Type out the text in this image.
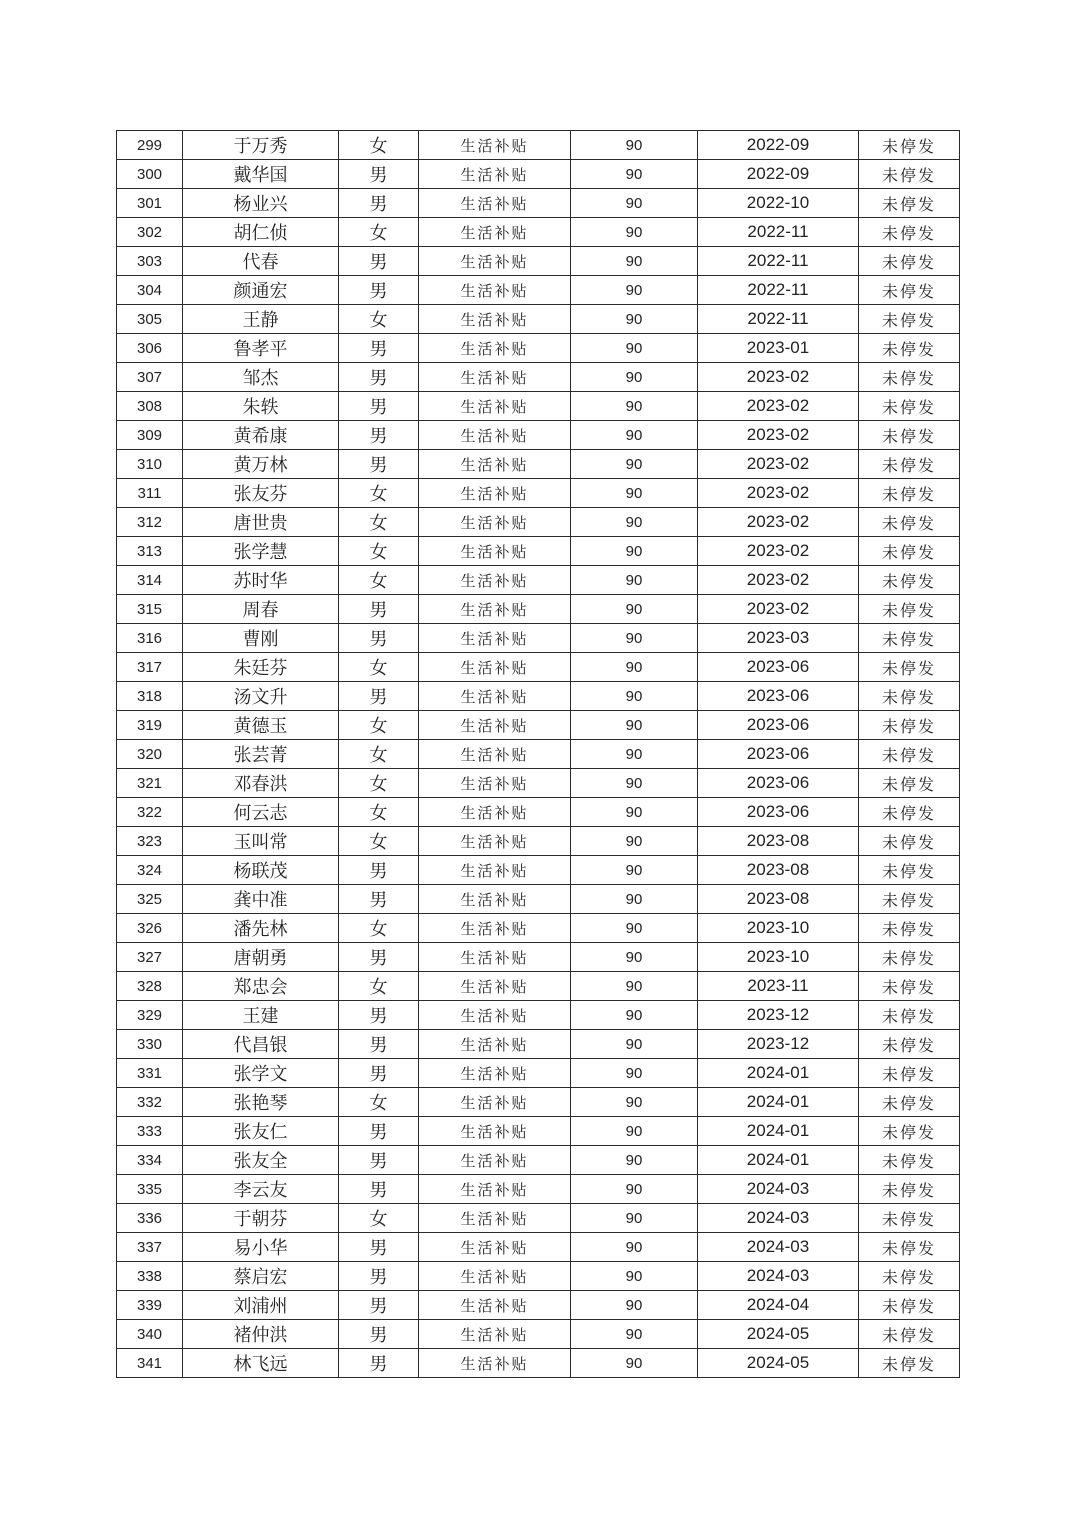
299	于万秀	女	生活补贴	90	2022-09	未停发
300	戴华国	男	生活补贴	90	2022-09	未停发
301	杨业兴	男	生活补贴	90	2022-10	未停发
302	胡仁侦	女	生活补贴	90	2022-11	未停发
303	代春	男	生活补贴	90	2022-11	未停发
304	颜通宏	男	生活补贴	90	2022-11	未停发
305	王静	女	生活补贴	90	2022-11	未停发
306	鲁孝平	男	生活补贴	90	2023-01	未停发
307	邹杰	男	生活补贴	90	2023-02	未停发
308	朱轶	男	生活补贴	90	2023-02	未停发
309	黄希康	男	生活补贴	90	2023-02	未停发
310	黄万林	男	生活补贴	90	2023-02	未停发
311	张友芬	女	生活补贴	90	2023-02	未停发
312	唐世贵	女	生活补贴	90	2023-02	未停发
313	张学慧	女	生活补贴	90	2023-02	未停发
314	苏时华	女	生活补贴	90	2023-02	未停发
315	周春	男	生活补贴	90	2023-02	未停发
316	曹刚	男	生活补贴	90	2023-03	未停发
317	朱廷芬	女	生活补贴	90	2023-06	未停发
318	汤文升	男	生活补贴	90	2023-06	未停发
319	黄德玉	女	生活补贴	90	2023-06	未停发
320	张芸菁	女	生活补贴	90	2023-06	未停发
321	邓春洪	女	生活补贴	90	2023-06	未停发
322	何云志	女	生活补贴	90	2023-06	未停发
323	玉叫常	女	生活补贴	90	2023-08	未停发
324	杨联茂	男	生活补贴	90	2023-08	未停发
325	龚中准	男	生活补贴	90	2023-08	未停发
326	潘先林	女	生活补贴	90	2023-10	未停发
327	唐朝勇	男	生活补贴	90	2023-10	未停发
328	郑忠会	女	生活补贴	90	2023-11	未停发
329	王建	男	生活补贴	90	2023-12	未停发
330	代昌银	男	生活补贴	90	2023-12	未停发
331	张学文	男	生活补贴	90	2024-01	未停发
332	张艳琴	女	生活补贴	90	2024-01	未停发
333	张友仁	男	生活补贴	90	2024-01	未停发
334	张友全	男	生活补贴	90	2024-01	未停发
335	李云友	男	生活补贴	90	2024-03	未停发
336	于朝芬	女	生活补贴	90	2024-03	未停发
337	易小华	男	生活补贴	90	2024-03	未停发
338	蔡启宏	男	生活补贴	90	2024-03	未停发
339	刘浦州	男	生活补贴	90	2024-04	未停发
340	褚仲洪	男	生活补贴	90	2024-05	未停发
341	林飞远	男	生活补贴	90	2024-05	未停发
